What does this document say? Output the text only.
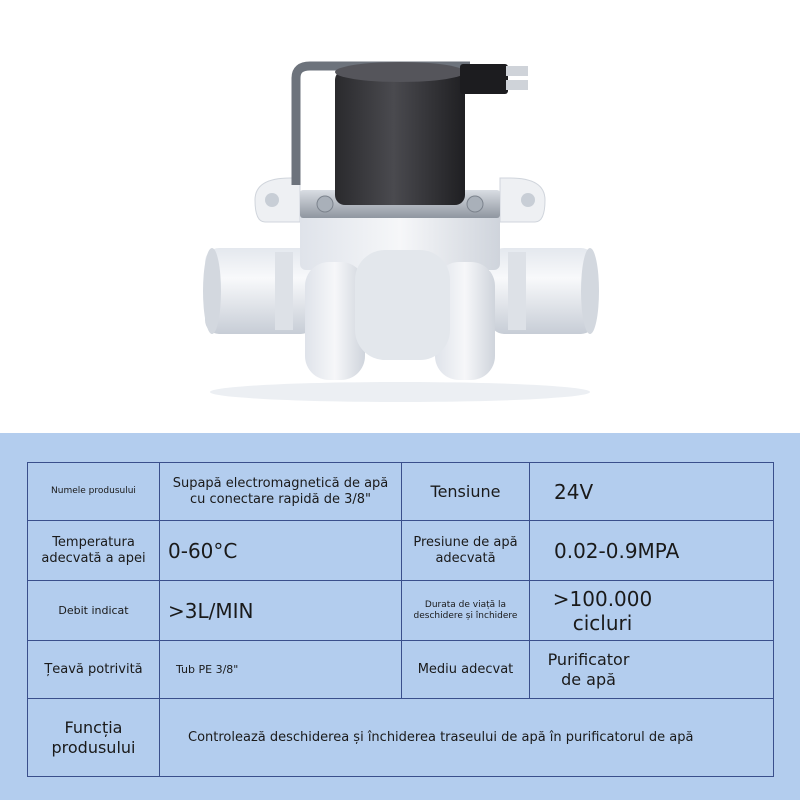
Numele produsului	Supapă electromagnetică de apă cu conectare rapidă de 3/8"	Tensiune	24V
Temperatura adecvată a apei	0-60°C	Presiune de apă adecvată	0.02-0.9MPA
Debit indicat	>3L/MIN	Durata de viață la deschidere și închidere	>100.000 cicluri
Țeavă potrivită	Tub PE 3/8"	Mediu adecvat	Purificator de apă
Funcția produsului	Controlează deschiderea și închiderea traseului de apă în purificatorul de apă		
